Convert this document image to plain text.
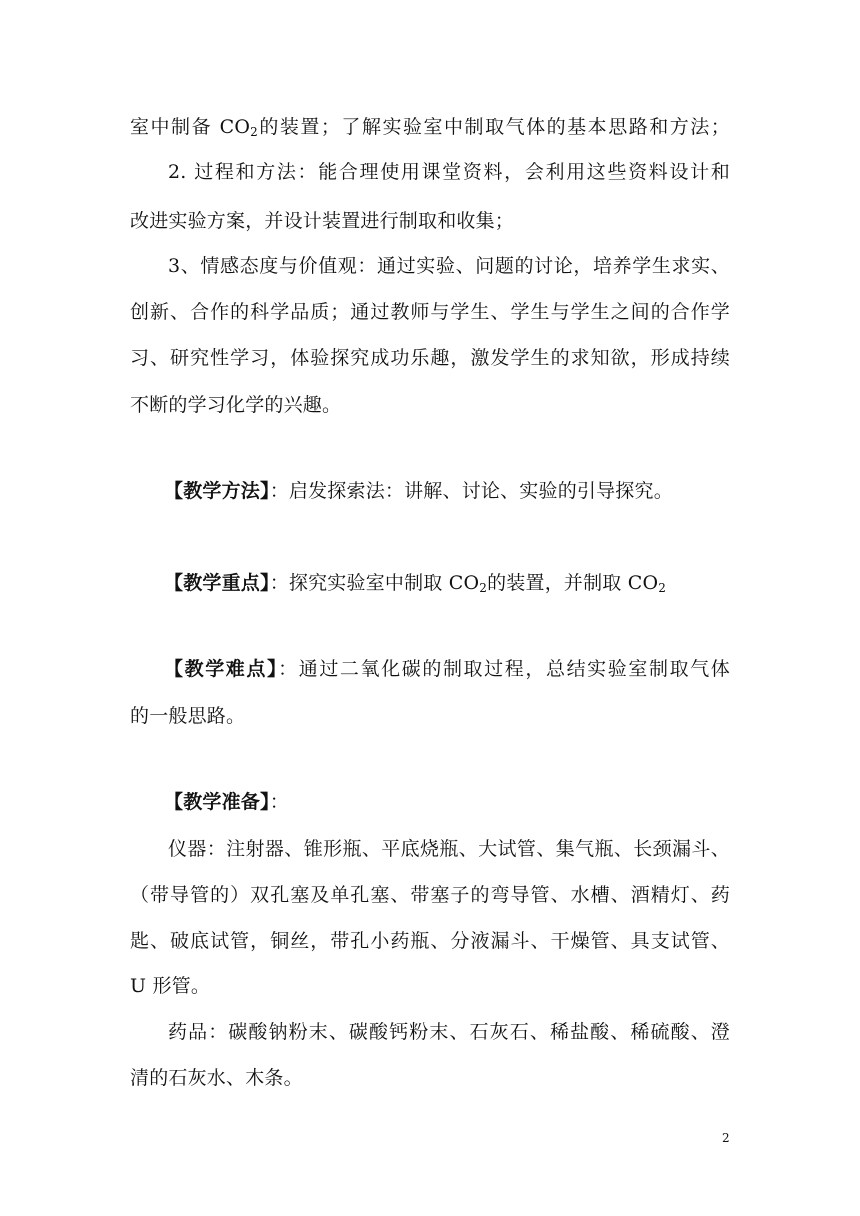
室中制备 $CO_2$的装置；了解实验室中制取气体的基本思路和方法；
2. 过程和方法：能合理使用课堂资料，会利用这些资料设计和
改进实验方案，并设计装置进行制取和收集；
3、情感态度与价值观：通过实验、问题的讨论，培养学生求实、
创新、合作的科学品质；通过教师与学生、学生与学生之间的合作学
习、研究性学习，体验探究成功乐趣，激发学生的求知欲，形成持续
不断的学习化学的兴趣。
【教学方法】：启发探索法：讲解、讨论、实验的引导探究。
【教学重点】：探究实验室中制取 $CO_2$的装置，并制取 $CO_2$
【教学难点】：通过二氧化碳的制取过程，总结实验室制取气体
的一般思路。
【教学准备】：
仪器：注射器、锥形瓶、平底烧瓶、大试管、集气瓶、长颈漏斗、
（带导管的）双孔塞及单孔塞、带塞子的弯导管、水槽、酒精灯、药
匙、破底试管，铜丝，带孔小药瓶、分液漏斗、干燥管、具支试管、
U 形管。
药品：碳酸钠粉末、碳酸钙粉末、石灰石、稀盐酸、稀硫酸、澄
清的石灰水、木条。
2
